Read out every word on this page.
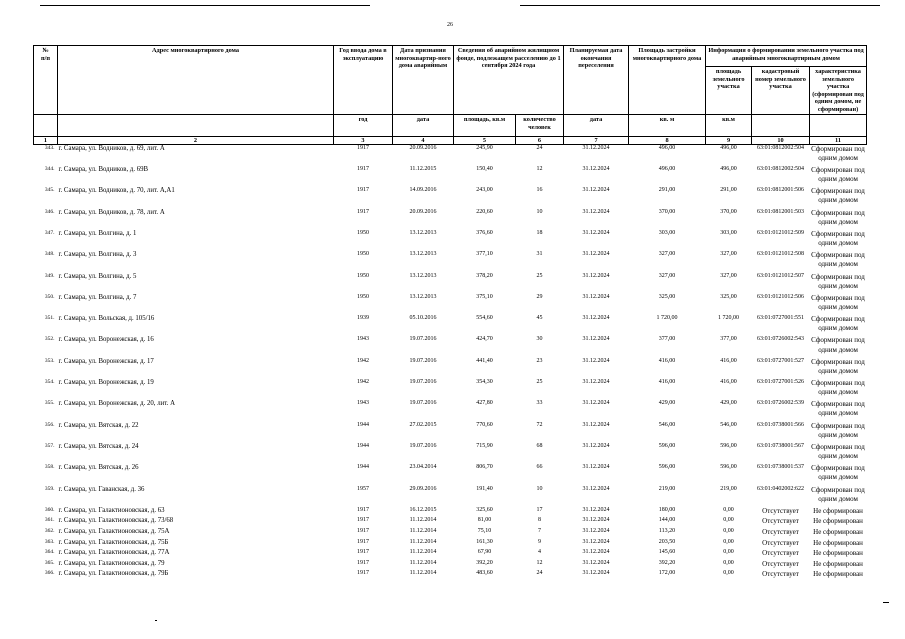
26
№
п/п	Адрес многоквартирного дома	Год ввода дома в эксплуатацию	Дата признания многоквартир-ного дома аварийным	Сведения об аварийном жилищном фонде, подлежащем расселению до 1 сентября 2024 года		Планируемая дата окончания переселения	Площадь застройки многоквартирного дома	Информация о формировании земельного участка под аварийным многоквартирным домом		
								площадь земельного участка	кадастровый номер земельного участка	характеристика земельного участка (сформирован под одним домом, не сформирован)
		год	дата	площадь, кв.м	количество человек	дата	кв. м	кв.м		
1	2	3	4	5	6	7	8	9	10	11
343.	г. Самара, ул. Водников, д. 69, лит. А	1917	20.09.2016	245,90	24	31.12.2024	496,00	496,00	63:01:0812002:504	Сформирован под одним домом
344.	г. Самара, ул. Водников, д. 69В	1917	11.12.2015	150,40	12	31.12.2024	496,00	496,00	63:01:0812002:504	Сформирован под одним домом
345.	г. Самара, ул. Водников, д. 70, лит. А,А1	1917	14.09.2016	243,00	16	31.12.2024	291,00	291,00	63:01:0812001:506	Сформирован под одним домом
346.	г. Самара, ул. Водников, д. 78, лит. А	1917	20.09.2016	220,60	10	31.12.2024	370,00	370,00	63:01:0812001:503	Сформирован под одним домом
347.	г. Самара, ул. Волгина, д. 1	1950	13.12.2013	376,60	18	31.12.2024	303,00	303,00	63:01:0121012:509	Сформирован под одним домом
348.	г. Самара, ул. Волгина, д. 3	1950	13.12.2013	377,10	31	31.12.2024	327,00	327,00	63:01:0121012:508	Сформирован под одним домом
349.	г. Самара, ул. Волгина, д. 5	1950	13.12.2013	378,20	25	31.12.2024	327,00	327,00	63:01:0121012:507	Сформирован под одним домом
350.	г. Самара, ул. Волгина, д. 7	1950	13.12.2013	375,10	29	31.12.2024	325,00	325,00	63:01:0121012:506	Сформирован под одним домом
351.	г. Самара, ул. Вольская, д. 105/16	1939	05.10.2016	554,60	45	31.12.2024	1 720,00	1 720,00	63:01:0727001:551	Сформирован под одним домом
352.	г. Самара, ул. Воронежская, д. 16	1943	19.07.2016	424,70	30	31.12.2024	377,00	377,00	63:01:0726002:543	Сформирован под одним домом
353.	г. Самара, ул. Воронежская, д. 17	1942	19.07.2016	441,40	23	31.12.2024	416,00	416,00	63:01:0727001:527	Сформирован под одним домом
354.	г. Самара, ул. Воронежская, д. 19	1942	19.07.2016	354,30	25	31.12.2024	416,00	416,00	63:01:0727001:526	Сформирован под одним домом
355.	г. Самара, ул. Воронежская, д. 20, лит. А	1943	19.07.2016	427,80	33	31.12.2024	429,00	429,00	63:01:0726002:539	Сформирован под одним домом
356.	г. Самара, ул. Вятская, д. 22	1944	27.02.2015	770,60	72	31.12.2024	546,00	546,00	63:01:0738001:566	Сформирован под одним домом
357.	г. Самара, ул. Вятская, д. 24	1944	19.07.2016	715,90	68	31.12.2024	596,00	596,00	63:01:0738001:567	Сформирован под одним домом
358.	г. Самара, ул. Вятская, д. 26	1944	23.04.2014	806,70	66	31.12.2024	596,00	596,00	63:01:0738001:537	Сформирован под одним домом
359.	г. Самара, ул. Гаванская, д. 36	1957	29.09.2016	191,40	10	31.12.2024	219,00	219,00	63:01:0402002:622	Сформирован под одним домом
360.	г. Самара, ул. Галактионовская, д. 63	1917	16.12.2015	325,60	17	31.12.2024	180,00	0,00	Отсутствует	Не сформирован
361.	г. Самара, ул. Галактионовская, д. 73/68	1917	11.12.2014	81,00	8	31.12.2024	144,00	0,00	Отсутствует	Не сформирован
362.	г. Самара, ул. Галактионовская, д. 75А	1917	11.12.2014	75,10	7	31.12.2024	113,20	0,00	Отсутствует	Не сформирован
363.	г. Самара, ул. Галактионовская, д. 75Б	1917	11.12.2014	161,30	9	31.12.2024	203,50	0,00	Отсутствует	Не сформирован
364.	г. Самара, ул. Галактионовская, д. 77А	1917	11.12.2014	67,90	4	31.12.2024	145,60	0,00	Отсутствует	Не сформирован
365.	г. Самара, ул. Галактионовская, д. 79	1917	11.12.2014	392,20	12	31.12.2024	392,20	0,00	Отсутствует	Не сформирован
366.	г. Самара, ул. Галактионовская, д. 79Б	1917	11.12.2014	483,60	24	31.12.2024	172,00	0,00	Отсутствует	Не сформирован
